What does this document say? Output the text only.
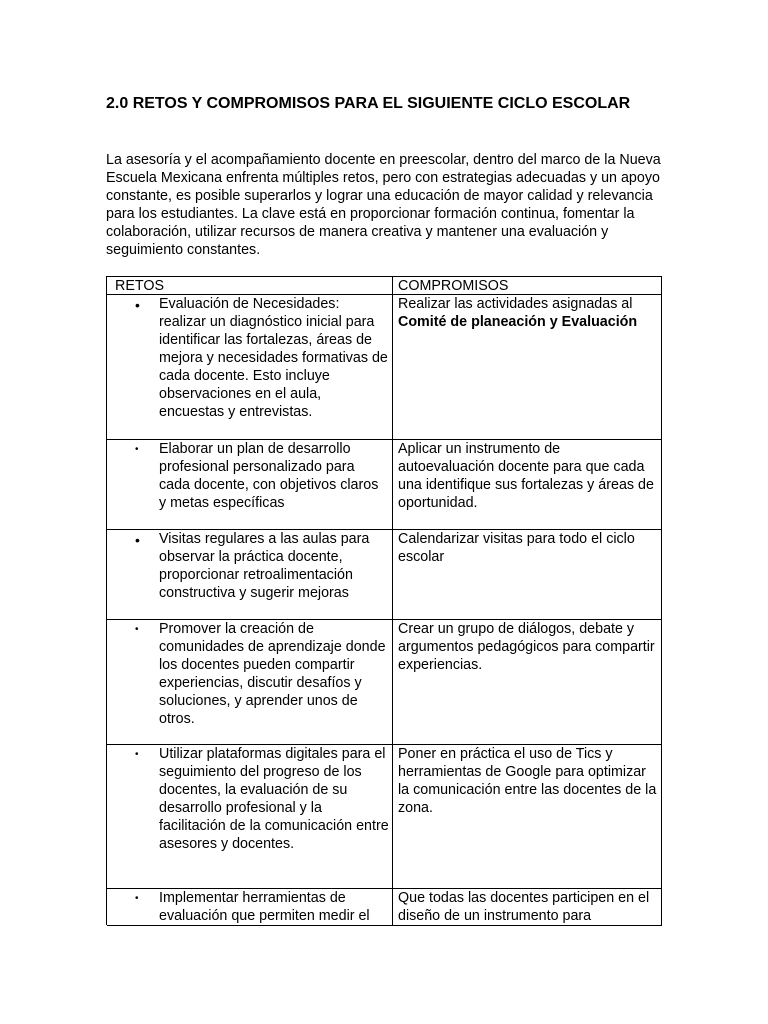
2.0 RETOS Y COMPROMISOS PARA EL SIGUIENTE CICLO ESCOLAR

La asesoría y el acompañamiento docente en preescolar, dentro del marco de la Nueva Escuela Mexicana enfrenta múltiples retos, pero con estrategias adecuadas y un apoyo constante, es posible superarlos y lograr una educación de mayor calidad y relevancia para los estudiantes. La clave está en proporcionar formación continua, fomentar la colaboración, utilizar recursos de manera creativa y mantener una evaluación y seguimiento constantes.

RETOS	COMPROMISOS
• Evaluación de Necesidades: realizar un diagnóstico inicial para identificar las fortalezas, áreas de mejora y necesidades formativas de cada docente. Esto incluye observaciones en el aula, encuestas y entrevistas.
Realizar las actividades asignadas al Comité de planeación y Evaluación
• Elaborar un plan de desarrollo profesional personalizado para cada docente, con objetivos claros y metas específicas
Aplicar un instrumento de autoevaluación docente para que cada una identifique sus fortalezas y áreas de oportunidad.
• Visitas regulares a las aulas para observar la práctica docente, proporcionar retroalimentación constructiva y sugerir mejoras
Calendarizar visitas para todo el ciclo escolar
• Promover la creación de comunidades de aprendizaje donde los docentes pueden compartir experiencias, discutir desafíos y soluciones, y aprender unos de otros.
Crear un grupo de diálogos, debate y argumentos pedagógicos para compartir experiencias.
• Utilizar plataformas digitales para el seguimiento del progreso de los docentes, la evaluación de su desarrollo profesional y la facilitación de la comunicación entre asesores y docentes.
Poner en práctica el uso de Tics y herramientas de Google para optimizar la comunicación entre las docentes de la zona.
• Implementar herramientas de evaluación que permiten medir el
Que todas las docentes participen en el diseño de un instrumento para
